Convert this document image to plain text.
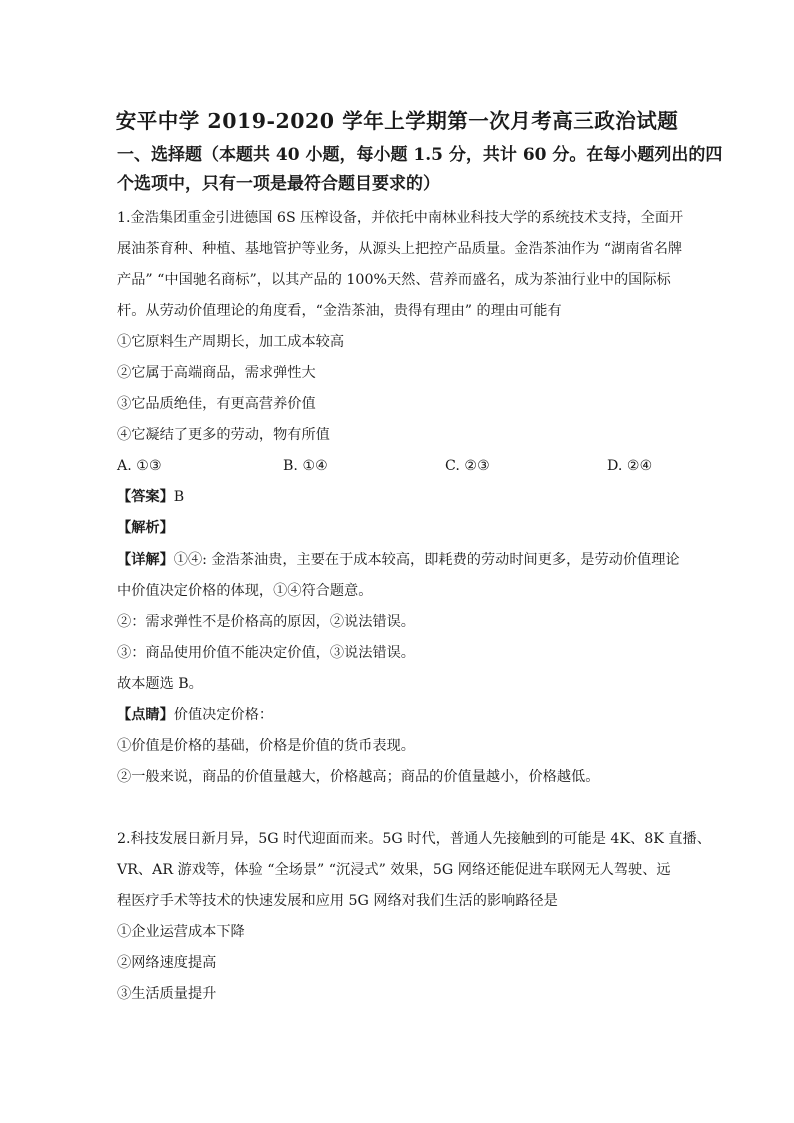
安平中学 2019-2020 学年上学期第一次月考高三政治试题
一、选择题（本题共 40 小题，每小题 1.5 分，共计 60 分。在每小题列出的四
个选项中，只有一项是最符合题目要求的）
1.金浩集团重金引进德国 6S 压榨设备，并依托中南林业科技大学的系统技术支持，全面开
展油茶育种、种植、基地管护等业务，从源头上把控产品质量。金浩茶油作为 “湖南省名牌
产品” “中国驰名商标”，以其产品的 100%天然、营养而盛名，成为茶油行业中的国际标
杆。从劳动价值理论的角度看，“金浩茶油，贵得有理由” 的理由可能有
①它原料生产周期长，加工成本较高
②它属于高端商品，需求弹性大
③它品质绝佳，有更高营养价值
④它凝结了更多的劳动，物有所值
A. ①③	B. ①④	C. ②③	D. ②④
【答案】B
【解析】
【详解】①④: 金浩茶油贵，主要在于成本较高，即耗费的劳动时间更多，是劳动价值理论
中价值决定价格的体现，①④符合题意。
②：需求弹性不是价格高的原因，②说法错误。
③：商品使用价值不能决定价值，③说法错误。
故本题选 B。
【点睛】价值决定价格：
①价值是价格的基础，价格是价值的货币表现。
②一般来说，商品的价值量越大，价格越高；商品的价值量越小，价格越低。
2.科技发展日新月异，5G 时代迎面而来。5G 时代，普通人先接触到的可能是 4K、8K 直播、
VR、AR 游戏等，体验 “全场景” “沉浸式” 效果，5G 网络还能促进车联网无人驾驶、远
程医疗手术等技术的快速发展和应用 5G 网络对我们生活的影响路径是
①企业运营成本下降
②网络速度提高
③生活质量提升
